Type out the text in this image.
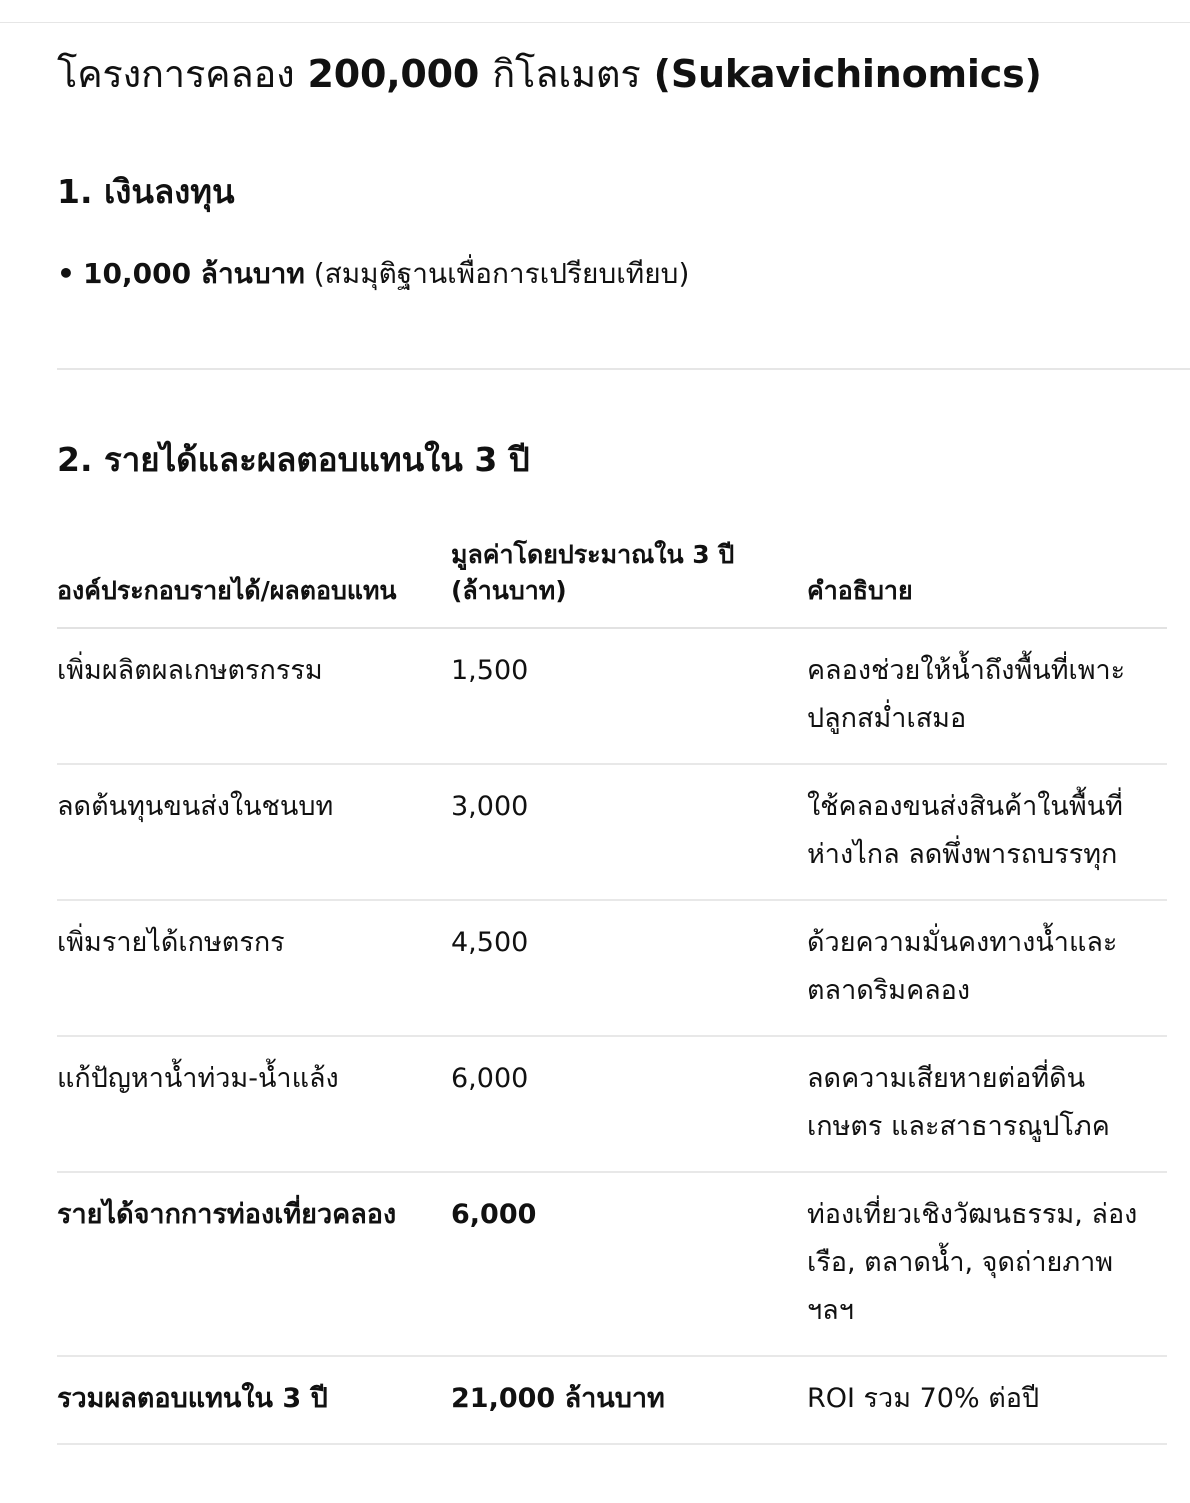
โครงการคลอง 200,000 กิโลเมตร (Sukavichinomics)
1. เงินลงทุน
• 10,000 ล้านบาท (สมมุติฐานเพื่อการเปรียบเทียบ)
2. รายได้และผลตอบแทนใน 3 ปี
องค์ประกอบรายได้/ผลตอบแทน	มูลค่าโดยประมาณใน 3 ปี (ล้านบาท)	คำอธิบาย
เพิ่มผลิตผลเกษตรกรรม	1,500	คลองช่วยให้น้ำถึงพื้นที่เพาะปลูกสม่ำเสมอ
ลดต้นทุนขนส่งในชนบท	3,000	ใช้คลองขนส่งสินค้าในพื้นที่ห่างไกล ลดพึ่งพารถบรรทุก
เพิ่มรายได้เกษตรกร	4,500	ด้วยความมั่นคงทางน้ำและตลาดริมคลอง
แก้ปัญหาน้ำท่วม-น้ำแล้ง	6,000	ลดความเสียหายต่อที่ดินเกษตร และสาธารณูปโภค
รายได้จากการท่องเที่ยวคลอง	6,000	ท่องเที่ยวเชิงวัฒนธรรม, ล่องเรือ, ตลาดน้ำ, จุดถ่ายภาพ ฯลฯ
รวมผลตอบแทนใน 3 ปี	21,000 ล้านบาท	ROI รวม 70% ต่อปี
